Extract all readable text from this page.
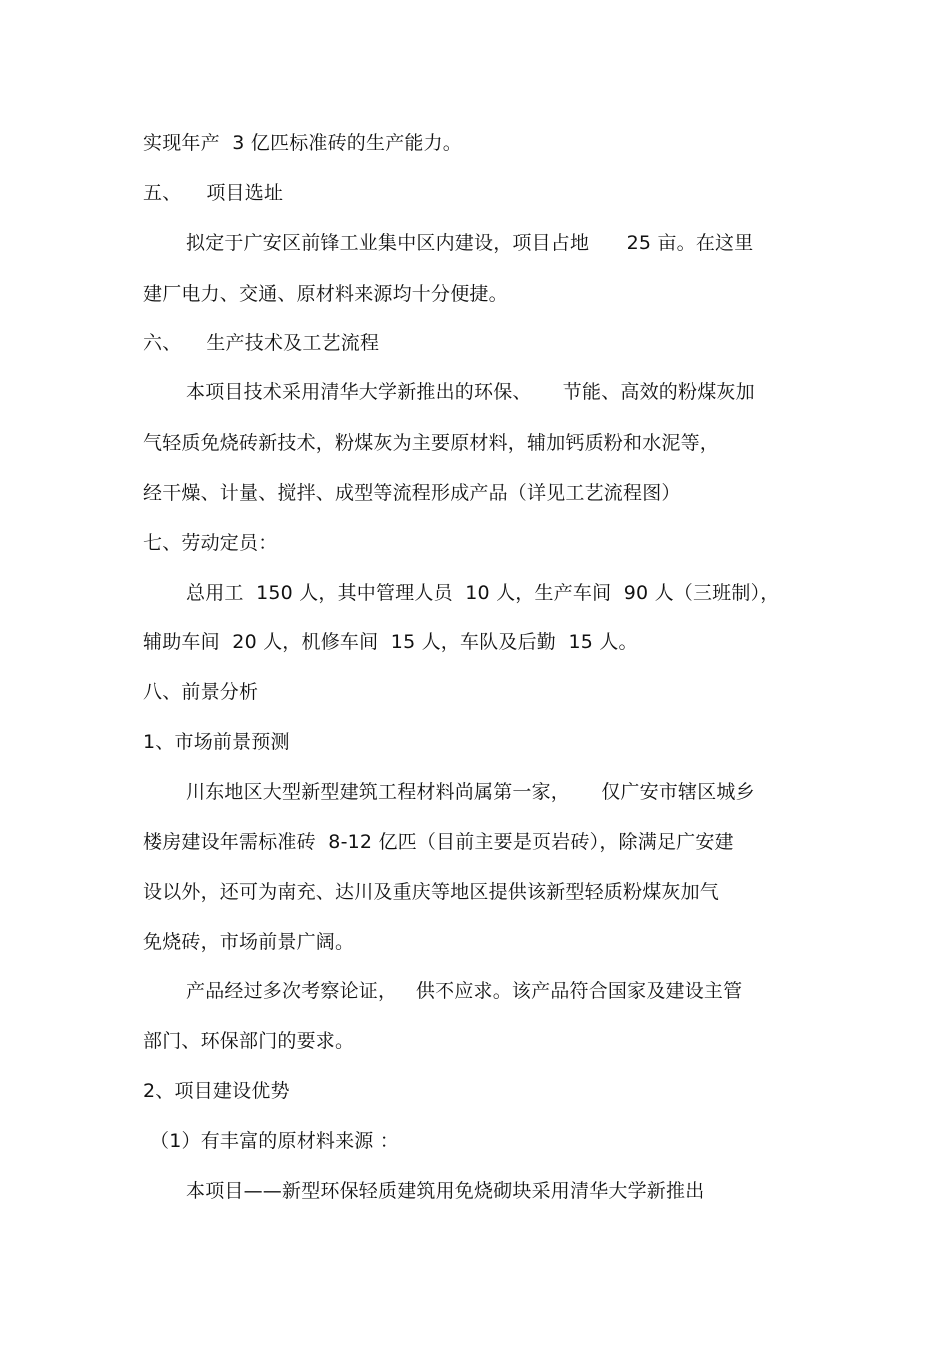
实现年产  3 亿匹标准砖的生产能力。
五、    项目选址
拟定于广安区前锋工业集中区内建设，项目占地      25 亩。在这里
建厂电力、交通、原材料来源均十分便捷。
六、    生产技术及工艺流程
本项目技术采用清华大学新推出的环保、     节能、高效的粉煤灰加
气轻质免烧砖新技术，粉煤灰为主要原材料，辅加钙质粉和水泥等，
经干燥、计量、搅拌、成型等流程形成产品（详见工艺流程图）
七、劳动定员：
总用工  150 人，其中管理人员  10 人，生产车间  90 人（三班制），
辅助车间  20 人，机修车间  15 人，车队及后勤  15 人。
八、前景分析
1、市场前景预测
川东地区大型新型建筑工程材料尚属第一家，     仅广安市辖区城乡
楼房建设年需标准砖  8-12 亿匹（目前主要是页岩砖），除满足广安建
设以外，还可为南充、达川及重庆等地区提供该新型轻质粉煤灰加气
免烧砖，市场前景广阔。
产品经过多次考察论证，   供不应求。该产品符合国家及建设主管
部门、环保部门的要求。
2、项目建设优势
（1）有丰富的原材料来源 ：
本项目——新型环保轻质建筑用免烧砌块采用清华大学新推出
